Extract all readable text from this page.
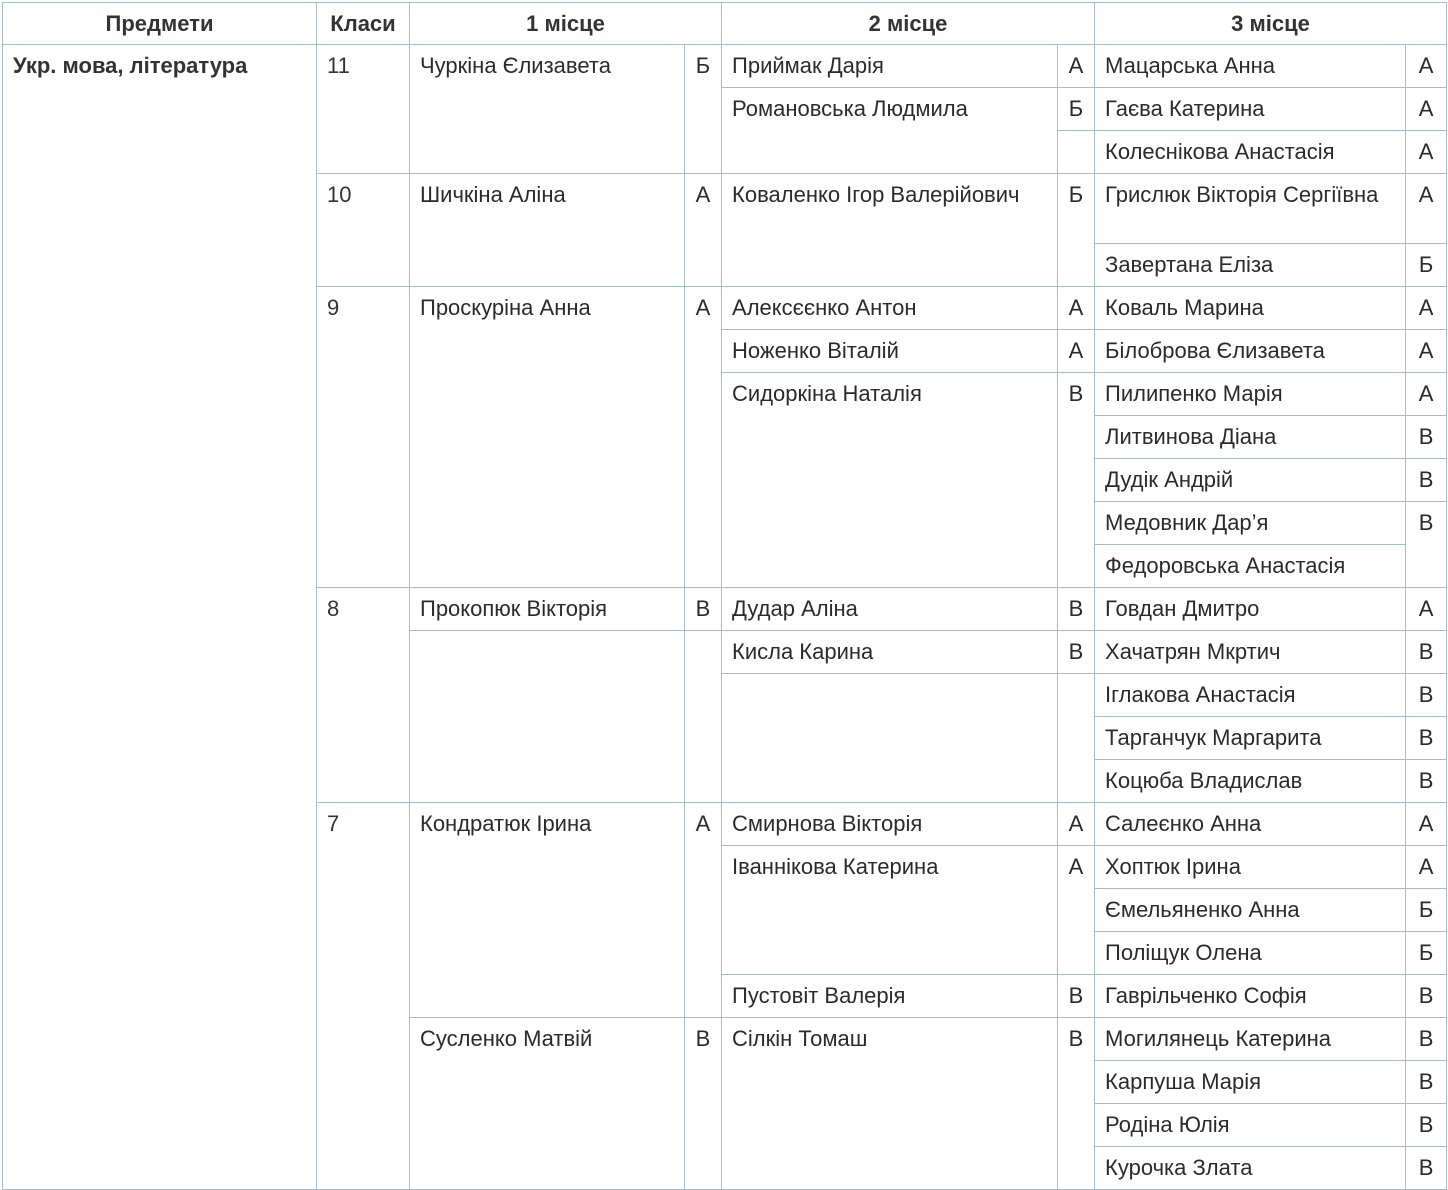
Предмети	Класи	1 місце		2 місце		3 місце	
Укр. мова, література	11	Чуркіна Єлизавета	Б	Приймак Дарія	А	Мацарська Анна	А
				Романовська Людмила	Б	Гаєва Катерина	А
						Колеснікова Анастасія	А
	10	Шичкіна Аліна	А	Коваленко Ігор Валерійович	Б	Грислюк Вікторія Сергіївна	А
						Завертана Еліза	Б
	9	Проскуріна Анна	А	Алексєєнко Антон	А	Коваль Марина	А
				Ноженко Віталій	А	Білоброва Єлизавета	А
				Сидоркіна Наталія	В	Пилипенко Марія	А
						Литвинова Діана	В
						Дудік Андрій	В
						Медовник Дар’я	В
						Федоровська Анастасія	
	8	Прокопюк Вікторія	В	Дудар Аліна	В	Говдан Дмитро	А
				Кисла Карина	В	Хачатрян Мкртич	В
						Іглакова Анастасія	В
						Тарганчук Маргарита	В
						Коцюба Владислав	В
	7	Кондратюк Ірина	А	Смирнова Вікторія	А	Салеєнко Анна	А
				Іваннікова Катерина	А	Хоптюк Ірина	А
						Ємельяненко Анна	Б
						Поліщук Олена	Б
				Пустовіт Валерія	В	Гаврільченко Софія	В
		Сусленко Матвій	В	Сілкін Томаш	В	Могилянець Катерина	В
						Карпуша Марія	В
						Родіна Юлія	В
						Курочка Злата	В
